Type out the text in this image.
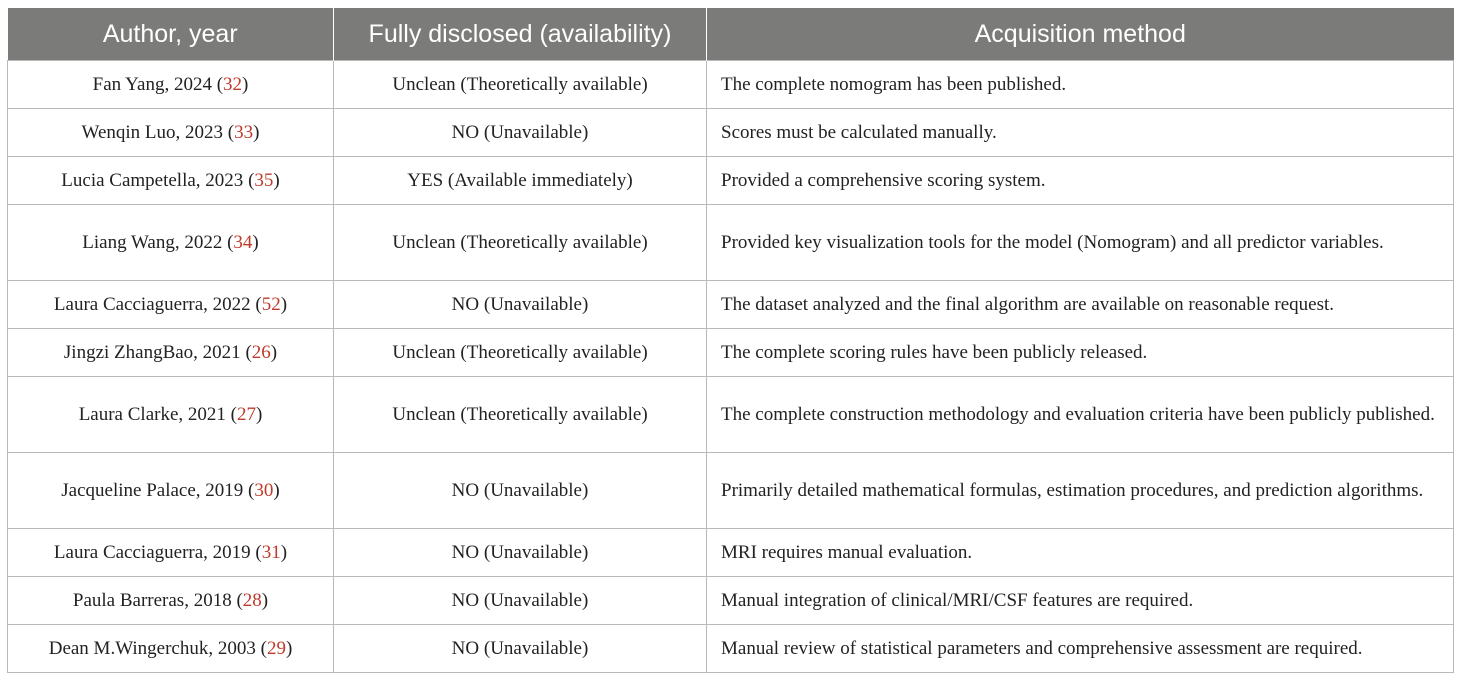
Author, year	Fully disclosed (availability)	Acquisition method
Fan Yang, 2024 (32)	Unclean (Theoretically available)	The complete nomogram has been published.
Wenqin Luo, 2023 (33)	NO (Unavailable)	Scores must be calculated manually.
Lucia Campetella, 2023 (35)	YES (Available immediately)	Provided a comprehensive scoring system.
Liang Wang, 2022 (34)	Unclean (Theoretically available)	Provided key visualization tools for the model (Nomogram) and all predictor variables.
Laura Cacciaguerra, 2022 (52)	NO (Unavailable)	The dataset analyzed and the final algorithm are available on reasonable request.
Jingzi ZhangBao, 2021 (26)	Unclean (Theoretically available)	The complete scoring rules have been publicly released.
Laura Clarke, 2021 (27)	Unclean (Theoretically available)	The complete construction methodology and evaluation criteria have been publicly published.
Jacqueline Palace, 2019 (30)	NO (Unavailable)	Primarily detailed mathematical formulas, estimation procedures, and prediction algorithms.
Laura Cacciaguerra, 2019 (31)	NO (Unavailable)	MRI requires manual evaluation.
Paula Barreras, 2018 (28)	NO (Unavailable)	Manual integration of clinical/MRI/CSF features are required.
Dean M.Wingerchuk, 2003 (29)	NO (Unavailable)	Manual review of statistical parameters and comprehensive assessment are required.
